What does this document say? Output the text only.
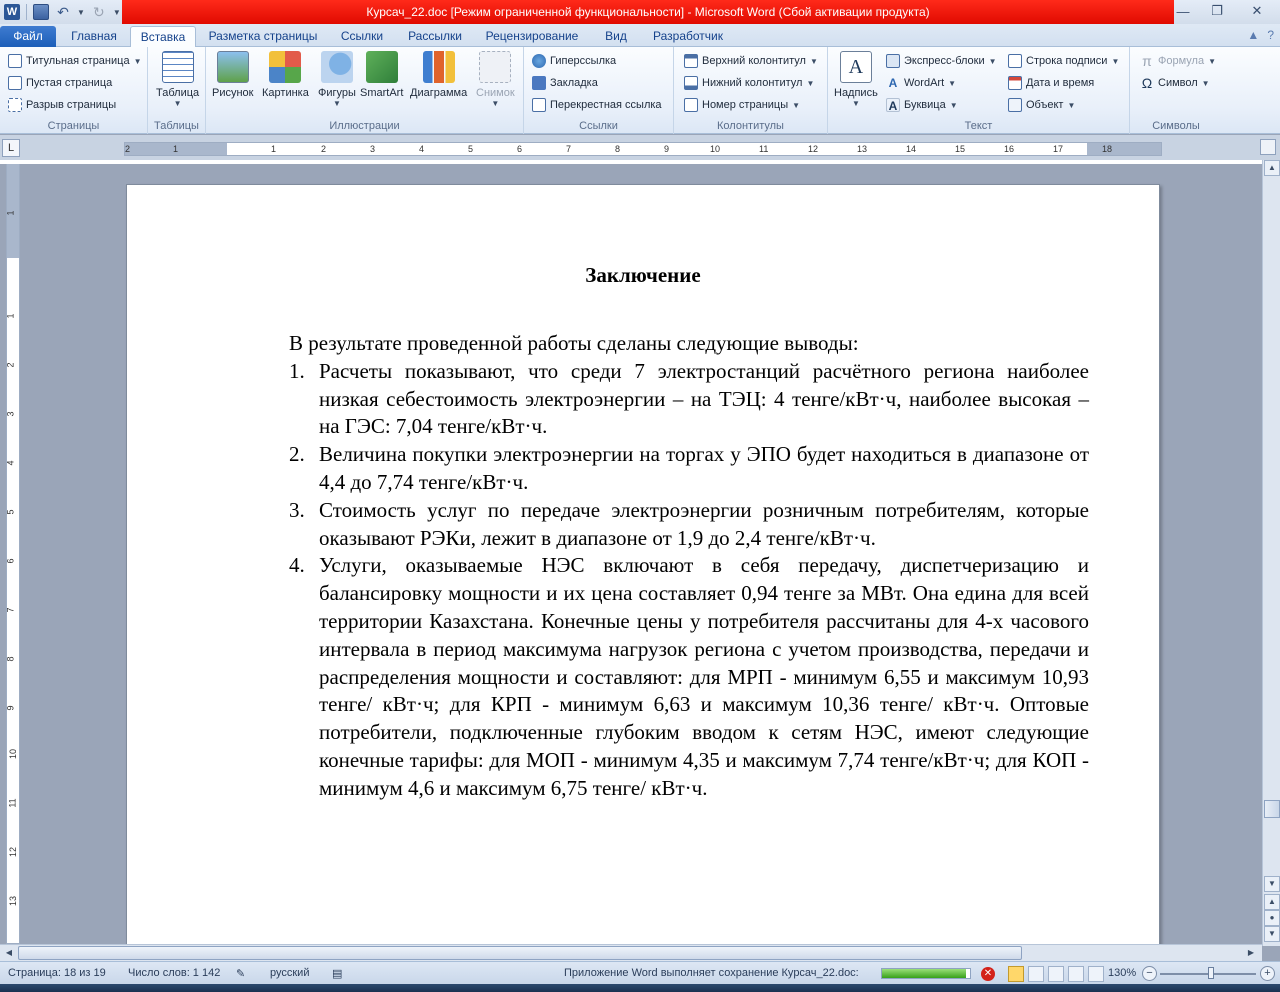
W	↶ ▼ ↻ ▼	Курсач_22.doc [Режим ограниченной функциональности] - Microsoft Word (Сбой активации продукта)	—	❐	✕
Файл	Главная	Вставка	Разметка страницы	Ссылки	Рассылки	Рецензирование	Вид	Разработчик	▲ ?
Титульная страница ▼
Пустая страница
Разрыв страницы
Страницы
Таблица
▼
Таблицы
Рисунок Картинка Фигуры
▼
SmartArt Диаграмма Снимок
▼
Иллюстрации
Гиперссылка
Закладка
Перекрестная ссылка
Ссылки
Верхний колонтитул ▼
Нижний колонтитул ▼
Номер страницы ▼
Колонтитулы
A
Надпись
▼
Экспресс-блоки ▼
A WordArt ▼
A Буквица ▼
Строка подписи ▼
Дата и время
Объект ▼
Текст
π Формула ▼
Ω Символ ▼
Символы
L	2	1	1	2	3	4	5	6	7	8	9	10	11	12	13	14	15	16	17	18
1
1
2
3
4
5
6
7
8
9
10
11
12
13
Заключение
В результате проведенной работы сделаны следующие выводы:
1. Расчеты показывают, что среди 7 электростанций расчётного региона наиболее низкая себестоимость электроэнергии – на ТЭЦ: 4 тенге/кВт·ч, наиболее высокая – на ГЭС: 7,04 тенге/кВт·ч.
2. Величина покупки электроэнергии на торгах у ЭПО будет находиться в диапазоне от 4,4 до 7,74 тенге/кВт·ч.
3. Стоимость услуг по передаче электроэнергии розничным потребителям, которые оказывают РЭКи, лежит в диапазоне от 1,9 до 2,4 тенге/кВт·ч.
4. Услуги, оказываемые НЭС включают в себя передачу, диспетчеризацию и балансировку мощности и их цена составляет 0,94 тенге за МВт. Она едина для всей территории Казахстана. Конечные цены у потребителя рассчитаны для 4-х часового интервала в период максимума нагрузок региона с учетом производства, передачи и распределения мощности и составляют: для МРП - минимум 6,55 и максимум 10,93 тенге/ кВт·ч; для КРП - минимум 6,63 и максимум 10,36 тенге/ кВт·ч. Оптовые потребители, подключенные глубоким вводом к сетям НЭС, имеют следующие конечные тарифы: для МОП - минимум 4,35 и максимум 7,74 тенге/кВт·ч; для КОП - минимум 4,6 и максимум 6,75 тенге/ кВт·ч.
▲
▼
▲
●
▼
◀	▶
Страница: 18 из 19 Число слов: 1 142 ✎ русский ▤	Приложение Word выполняет сохранение Курсач_22.doc:	✕	130% −	+
